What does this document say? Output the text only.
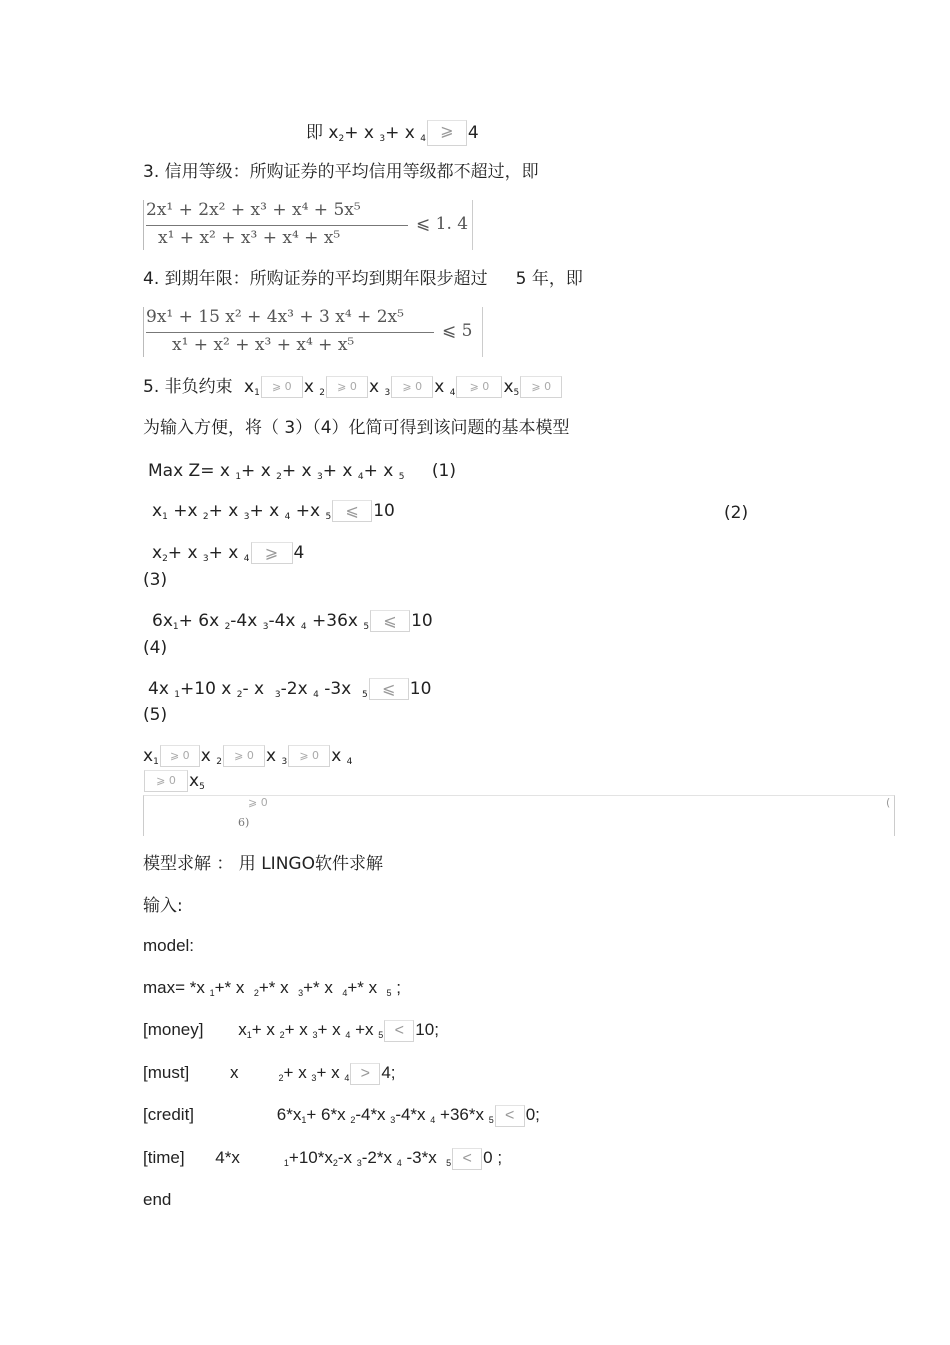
即 $x_2+ x$ $_3$+ x $_4$ ⩾ 4
3. 信用等级：所购证券的平均信用等级都不超过，即
2x¹ + 2x² + x³ + x⁴ + 5x⁵
x¹ + x² + x³ + x⁴ + x⁵
⩽ 1. 4
4. 到期年限：所购证券的平均到期年限步超过 5 年，即
9x¹ + 15 x² + 4x³ + 3 x⁴ + 2x⁵
x¹ + x² + x³ + x⁴ + x⁵
⩽ 5
5. 非负约束 $x_1$ ⩾ 0 x $_2$ ⩾ 0 x $_3$ ⩾ 0 x $_4$ ⩾ 0 $x_5$ ⩾ 0
为输入方便，将（ 3）（4）化简可得到该问题的基本模型
Max Z= x $_1$+ x $_2$+ x $_3$+ x $_4$+ x $_5$ (1)
$x_1 +x$ $_2$+ x $_3$+ x $_4$ +x $_5$ ⩽ 10	(2)
$x_2+ x$ $_3$+ x $_4$ ⩾ 4
(3)
$6x_1+ 6x$ $_2$-4x $_3$-4x $_4$ +36x $_5$ ⩽ 10
(4)
4x $_1$+10 x $_2$- x  $_3$-2x $_4$ -3x  $_5$ ⩽ 10
(5)
$x_1$ ⩾ 0 x $_2$ ⩾ 0 x $_3$ ⩾ 0 x $_4$
⩾ 0 $x_5$
⩾ 0
6)
(
模型求解 ： 用 LINGO软件求解
输入:
model:
max= *x $_1$+* x  $_2$+* x  $_3$+* x  $_4$+* x  $_5$ ;
[money] $x_1+ x$ $_2$+ x $_3$+ x $_4$ +x $_5$ < 10;
[must] x	$_2$+ x $_3$+ x $_4$ > 4;
[credit]	$6*x_1+ 6*x$ $_2$-4*x $_3$-4*x $_4$ +36*x $_5$ < 0;
[time] 4*x	$_1+10*x_2-x$ $_3$-2*x $_4$ -3*x  $_5$ < 0 ;
end
